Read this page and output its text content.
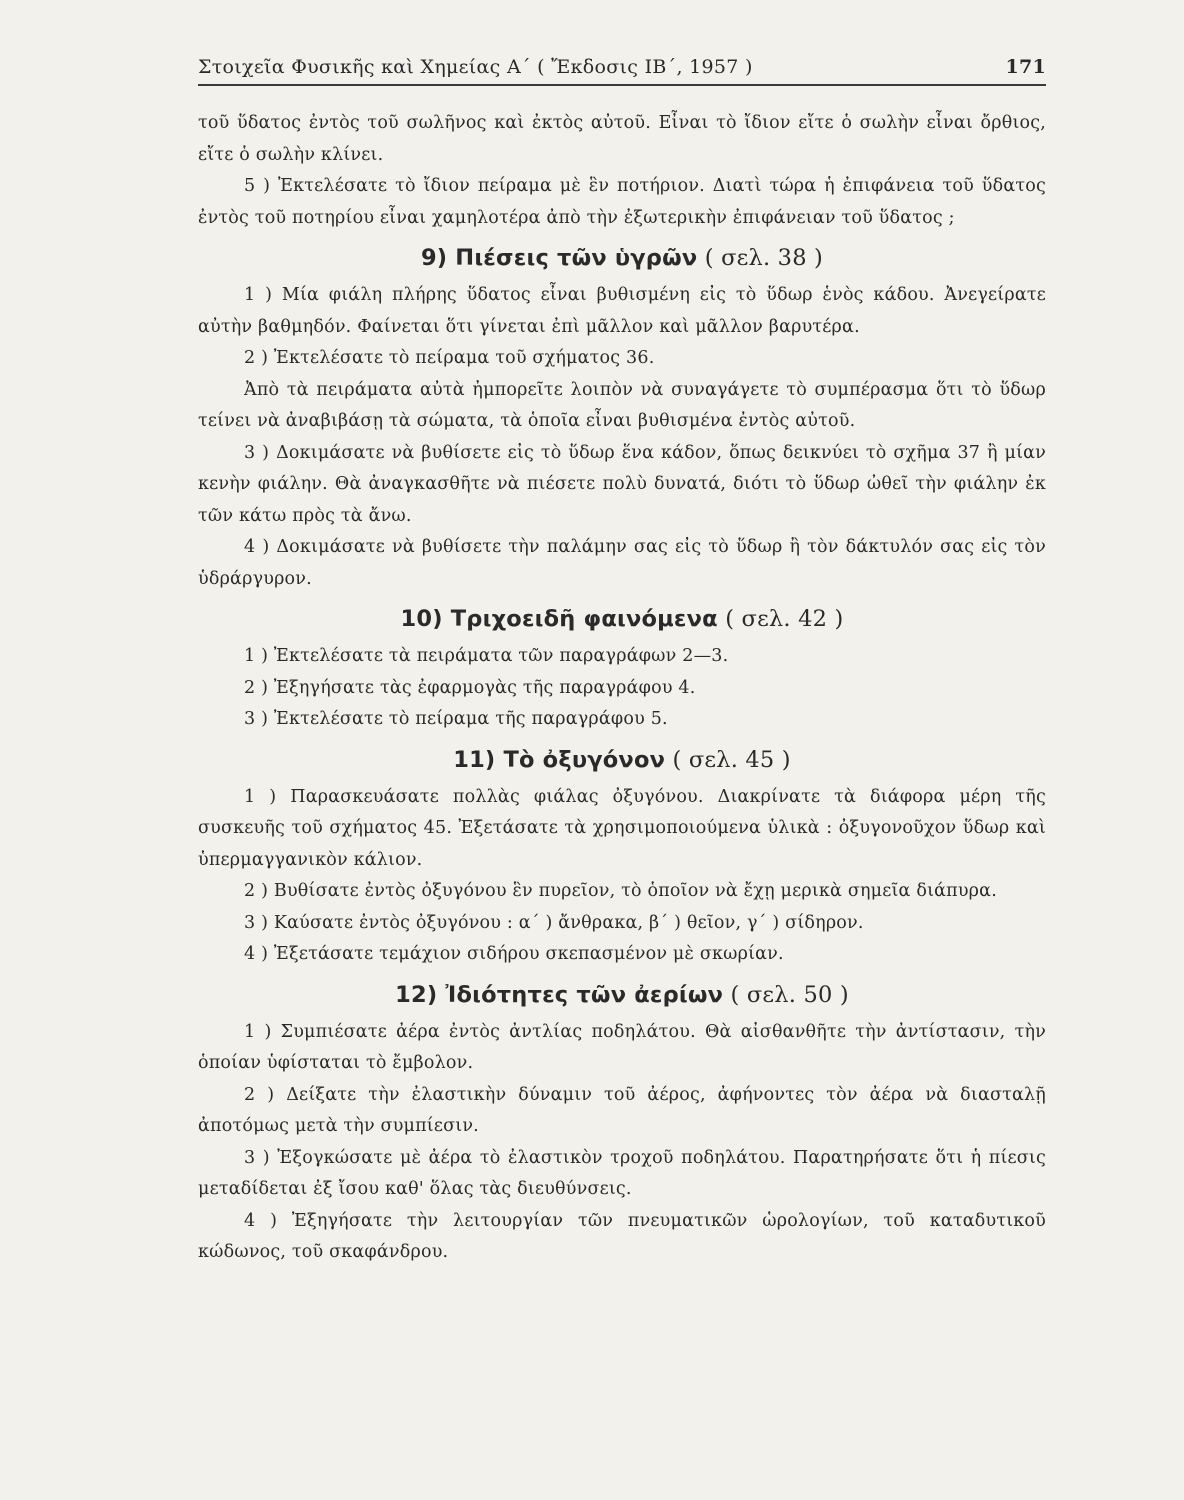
Στοιχεῖα Φυσικῆς καὶ Χημείας Α΄ ( Ἔκδοσις ΙΒ΄, 1957 )	171

τοῦ ὕδατος ἐντὸς τοῦ σωλῆνος καὶ ἐκτὸς αὐτοῦ. Εἶναι τὸ ἴδιον εἴτε ὁ σωλὴν εἶναι ὄρθιος, εἴτε ὁ σωλὴν κλίνει.

5 ) Ἐκτελέσατε τὸ ἴδιον πείραμα μὲ ἓν ποτήριον. Διατὶ τώρα ἡ ἐπιφάνεια τοῦ ὕδατος ἐντὸς τοῦ ποτηρίου εἶναι χαμηλοτέρα ἀπὸ τὴν ἐξωτερικὴν ἐπιφάνειαν τοῦ ὕδατος ;

9) Πιέσεις τῶν ὑγρῶν ( σελ. 38 )

1 ) Μία φιάλη πλήρης ὕδατος εἶναι βυθισμένη εἰς τὸ ὕδωρ ἑνὸς κάδου. Ἀνεγείρατε αὐτὴν βαθμηδόν. Φαίνεται ὅτι γίνεται ἐπὶ μᾶλλον καὶ μᾶλλον βαρυτέρα.

2 ) Ἐκτελέσατε τὸ πείραμα τοῦ σχήματος 36.

Ἀπὸ τὰ πειράματα αὐτὰ ἠμπορεῖτε λοιπὸν νὰ συναγάγετε τὸ συμπέρασμα ὅτι τὸ ὕδωρ τείνει νὰ ἀναβιβάσῃ τὰ σώματα, τὰ ὁποῖα εἶναι βυθισμένα ἐντὸς αὐτοῦ.

3 ) Δοκιμάσατε νὰ βυθίσετε εἰς τὸ ὕδωρ ἕνα κάδον, ὅπως δεικνύει τὸ σχῆμα 37 ἢ μίαν κενὴν φιάλην. Θὰ ἀναγκασθῆτε νὰ πιέσετε πολὺ δυνατά, διότι τὸ ὕδωρ ὠθεῖ τὴν φιάλην ἐκ τῶν κάτω πρὸς τὰ ἄνω.

4 ) Δοκιμάσατε νὰ βυθίσετε τὴν παλάμην σας εἰς τὸ ὕδωρ ἢ τὸν δάκτυλόν σας εἰς τὸν ὑδράργυρον.

10) Τριχοειδῆ φαινόμενα ( σελ. 42 )

1 ) Ἐκτελέσατε τὰ πειράματα τῶν παραγράφων 2—3.

2 ) Ἐξηγήσατε τὰς ἐφαρμογὰς τῆς παραγράφου 4.

3 ) Ἐκτελέσατε τὸ πείραμα τῆς παραγράφου 5.

11) Τὸ ὀξυγόνον ( σελ. 45 )

1 ) Παρασκευάσατε πολλὰς φιάλας ὀξυγόνου. Διακρίνατε τὰ διάφορα μέρη τῆς συσκευῆς τοῦ σχήματος 45. Ἐξετάσατε τὰ χρησιμοποιούμενα ὑλικὰ : ὀξυγονοῦχον ὕδωρ καὶ ὑπερμαγγανικὸν κάλιον.

2 ) Βυθίσατε ἐντὸς ὀξυγόνου ἓν πυρεῖον, τὸ ὁποῖον νὰ ἔχῃ μερικὰ σημεῖα διάπυρα.

3 ) Καύσατε ἐντὸς ὀξυγόνου : α΄ ) ἄνθρακα, β΄ ) θεῖον, γ΄ ) σίδηρον.

4 ) Ἐξετάσατε τεμάχιον σιδήρου σκεπασμένον μὲ σκωρίαν.

12) Ἰδιότητες τῶν ἀερίων ( σελ. 50 )

1 ) Συμπιέσατε ἀέρα ἐντὸς ἀντλίας ποδηλάτου. Θὰ αἰσθανθῆτε τὴν ἀντίστασιν, τὴν ὁποίαν ὑφίσταται τὸ ἔμβολον.

2 ) Δείξατε τὴν ἐλαστικὴν δύναμιν τοῦ ἀέρος, ἀφήνοντες τὸν ἀέρα νὰ διασταλῇ ἀποτόμως μετὰ τὴν συμπίεσιν.

3 ) Ἐξογκώσατε μὲ ἀέρα τὸ ἐλαστικὸν τροχοῦ ποδηλάτου. Παρατηρήσατε ὅτι ἡ πίεσις μεταδίδεται ἐξ ἴσου καθ' ὅλας τὰς διευθύνσεις.

4 ) Ἐξηγήσατε τὴν λειτουργίαν τῶν πνευματικῶν ὡρολογίων, τοῦ καταδυτικοῦ κώδωνος, τοῦ σκαφάνδρου.
